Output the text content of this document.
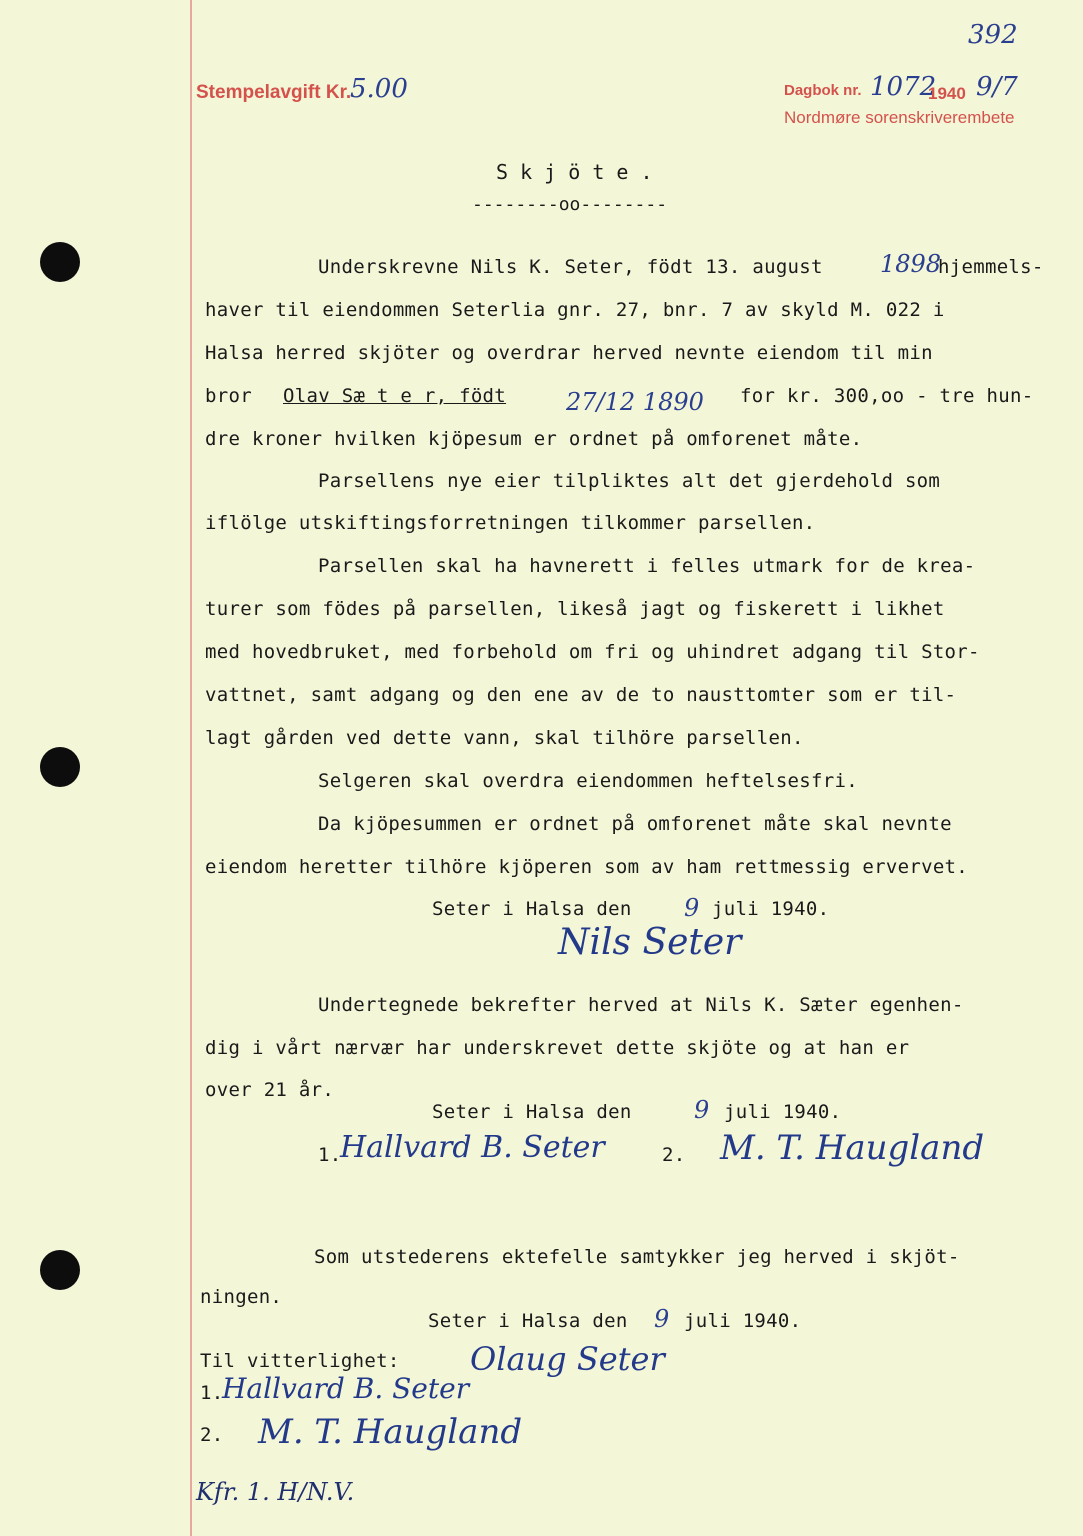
392
Stempelavgift Kr.
5.00	Dagbok nr. 1072
1940 9/7
Nordmøre sorenskriverembete
S k j ö t e .
--------oo--------
Underskrevne Nils K. Seter, födt 13. august 1898
hjemmels-
haver til eiendommen Seterlia gnr. 27, bnr. 7 av skyld M. 022 i
Halsa herred skjöter og overdrar herved nevnte eiendom til min
bror Olav Sæ t e r, födt 27/12 1890 for kr. 300,oo - tre hun-
dre kroner hvilken kjöpesum er ordnet på omforenet måte.
Parsellens nye eier tilpliktes alt det gjerdehold som
iflölge utskiftingsforretningen tilkommer parsellen.
Parsellen skal ha havnerett i felles utmark for de krea-
turer som födes på parsellen, likeså jagt og fiskerett i likhet
med hovedbruket, med forbehold om fri og uhindret adgang til Stor-
vattnet, samt adgang og den ene av de to nausttomter som er til-
lagt gården ved dette vann, skal tilhöre parsellen.
Selgeren skal overdra eiendommen heftelsesfri.
Da kjöpesummen er ordnet på omforenet måte skal nevnte
eiendom heretter tilhöre kjöperen som av ham rettmessig ervervet.
Seter i Halsa den 9 juli 1940.
Nils Seter
Undertegnede bekrefter herved at Nils K. Sæter egenhen-
dig i vårt nærvær har underskrevet dette skjöte og at han er
over 21 år.
Seter i Halsa den	9 juli 1940.
1.
Hallvard B. Seter	2. M. T. Haugland
Som utstederens ektefelle samtykker jeg herved i skjöt-
ningen.
Seter i Halsa den 9 juli 1940.
Til vitterlighet: Olaug Seter
1.
Hallvard B. Seter
2. M. T. Haugland
Kfr. 1. H/N.V.
